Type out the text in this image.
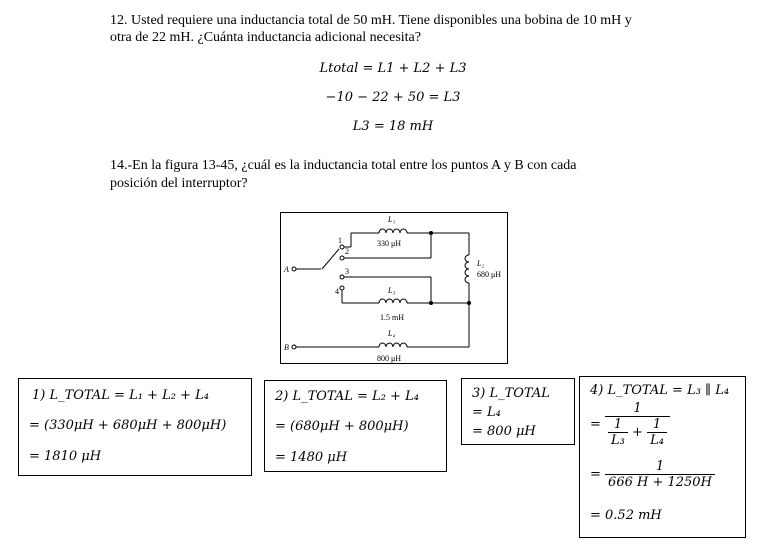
12. Usted requiere una inductancia total de 50 mH. Tiene disponibles una bobina de 10 mH y
otra de 22 mH. ¿Cuánta inductancia adicional necesita?
Ltotal = L1 + L2 + L3
−10 − 22 + 50 = L3
L3 = 18 mH
14.-En la figura 13-45, ¿cuál es la inductancia total entre los puntos A y B con cada
posición del interruptor?
L₁
330 μH
L₂
680 μH
L₃
1.5 mH
L₄
800 μH
1
2
3
4
A
B
1) L_TOTAL = L₁ + L₂ + L₄
= (330μH + 680μH + 800μH)
= 1810 μH
2) L_TOTAL = L₂ + L₄
= (680μH + 800μH)
= 1480 μH
3) L_TOTAL
= L₄
= 800 μH
4) L_TOTAL = L₃ ∥ L₄
= $\frac{1}{\frac{1}{\text{L₃}} + \frac{1}{\text{L₄}}}$
= $\frac{1}{666 H + 1250H}$
= 0.52 mH
